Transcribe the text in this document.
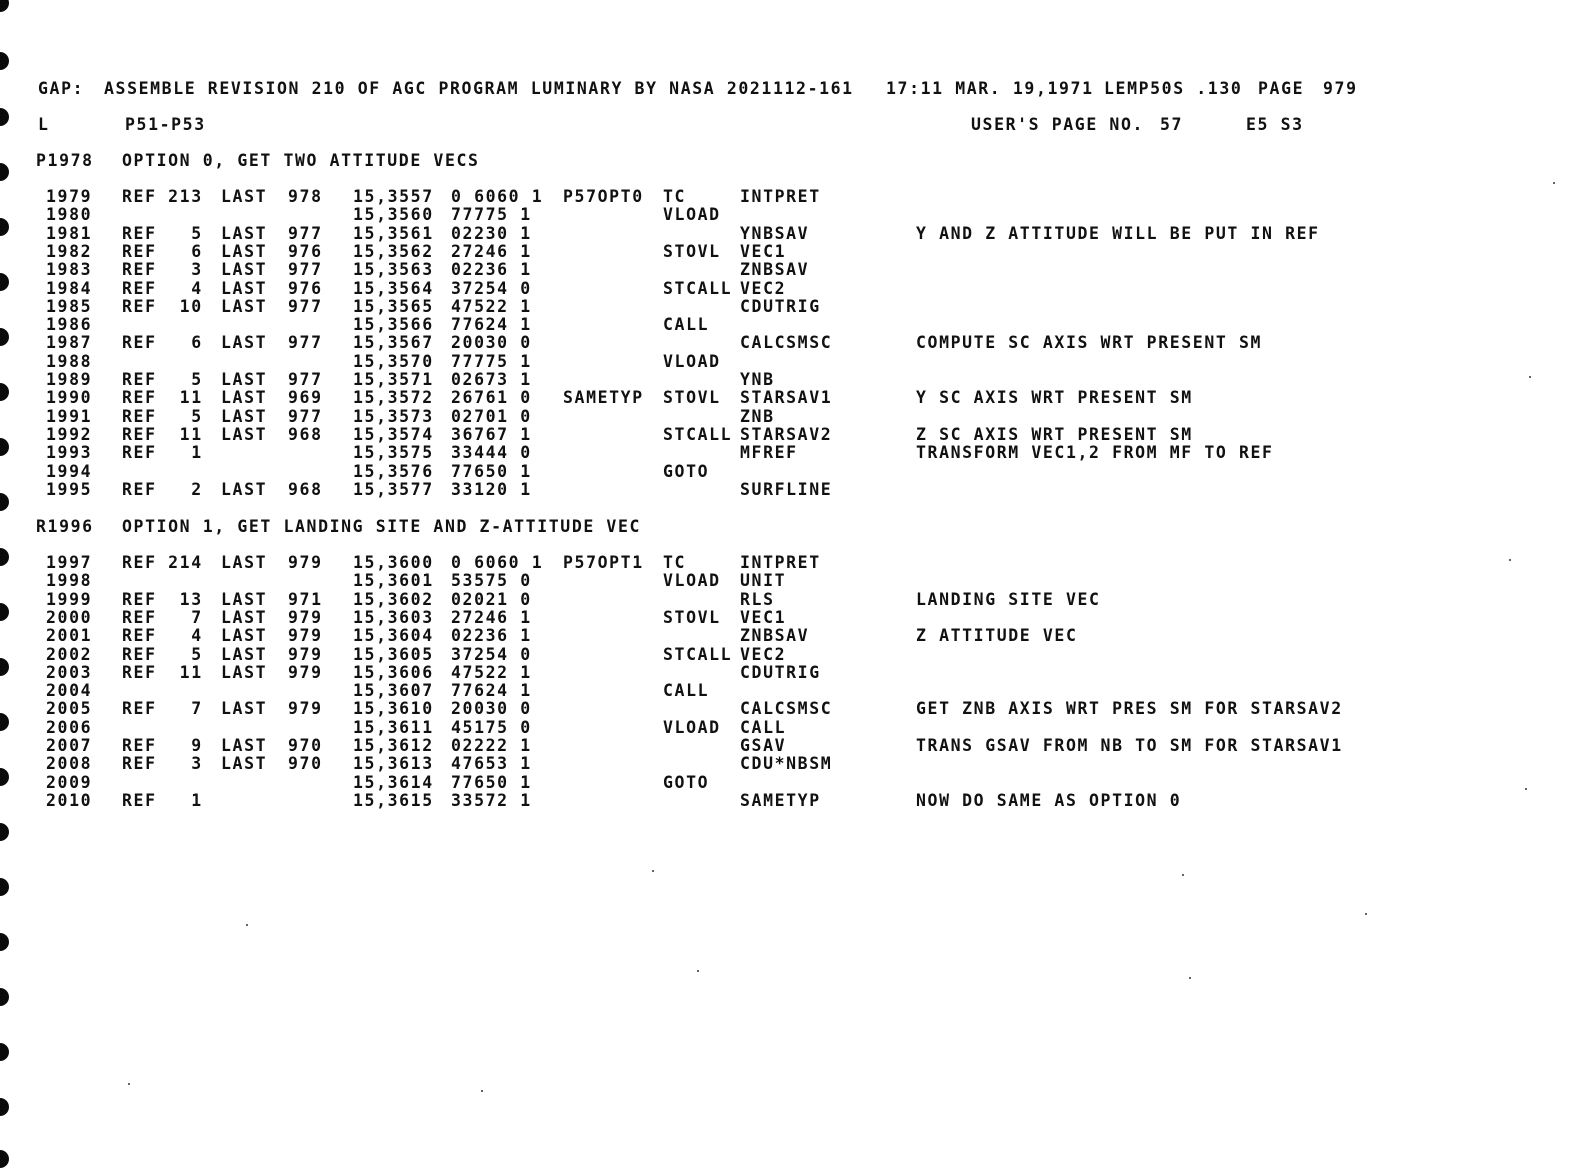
GAP: ASSEMBLE REVISION 210 OF AGC PROGRAM LUMINARY BY NASA 2021112-161 17:11 MAR. 19,1971 LEMP50S .130 PAGE 979
L	P51-P53	USER'S PAGE NO. 57	E5 S3
P1978 OPTION 0, GET TWO ATTITUDE VECS
1979 REF 213 LAST 978 15,3557 0 6060 1 P57OPT0 TC	INTPRET
1980	15,3560 77775 1	VLOAD
1981 REF   5 LAST 977 15,3561 02230 1	YNBSAV	Y AND Z ATTITUDE WILL BE PUT IN REF
1982 REF   6 LAST 976 15,3562 27246 1	STOVL VEC1
1983 REF   3 LAST 977 15,3563 02236 1	ZNBSAV
1984 REF   4 LAST 976 15,3564 37254 0	STCALL VEC2
1985 REF  10 LAST 977 15,3565 47522 1	CDUTRIG
1986	15,3566 77624 1	CALL
1987 REF   6 LAST 977 15,3567 20030 0	CALCSMSC	COMPUTE SC AXIS WRT PRESENT SM
1988	15,3570 77775 1	VLOAD
1989 REF   5 LAST 977 15,3571 02673 1	YNB
1990 REF  11 LAST 969 15,3572 26761 0 SAMETYP STOVL STARSAV1	Y SC AXIS WRT PRESENT SM
1991 REF   5 LAST 977 15,3573 02701 0	ZNB
1992 REF  11 LAST 968 15,3574 36767 1	STCALL STARSAV2	Z SC AXIS WRT PRESENT SM
1993 REF   1	15,3575 33444 0	MFREF	TRANSFORM VEC1,2 FROM MF TO REF
1994	15,3576 77650 1	GOTO
1995 REF   2 LAST 968 15,3577 33120 1	SURFLINE
R1996 OPTION 1, GET LANDING SITE AND Z-ATTITUDE VEC
1997 REF 214 LAST 979 15,3600 0 6060 1 P57OPT1 TC	INTPRET
1998	15,3601 53575 0	VLOAD UNIT
1999 REF  13 LAST 971 15,3602 02021 0	RLS	LANDING SITE VEC
2000 REF   7 LAST 979 15,3603 27246 1	STOVL VEC1
2001 REF   4 LAST 979 15,3604 02236 1	ZNBSAV	Z ATTITUDE VEC
2002 REF   5 LAST 979 15,3605 37254 0	STCALL VEC2
2003 REF  11 LAST 979 15,3606 47522 1	CDUTRIG
2004	15,3607 77624 1	CALL
2005 REF   7 LAST 979 15,3610 20030 0	CALCSMSC	GET ZNB AXIS WRT PRES SM FOR STARSAV2
2006	15,3611 45175 0	VLOAD CALL
2007 REF   9 LAST 970 15,3612 02222 1	GSAV	TRANS GSAV FROM NB TO SM FOR STARSAV1
2008 REF   3 LAST 970 15,3613 47653 1	CDU*NBSM
2009	15,3614 77650 1	GOTO
2010 REF   1	15,3615 33572 1	SAMETYP	NOW DO SAME AS OPTION 0
